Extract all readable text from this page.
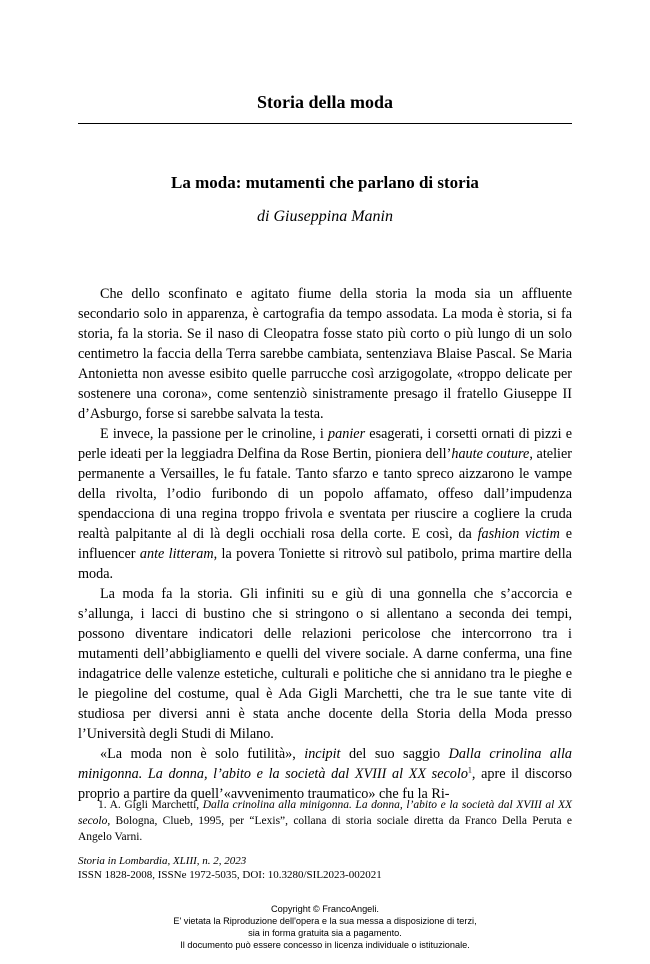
Storia della moda
La moda: mutamenti che parlano di storia
di Giuseppina Manin

Che dello sconfinato e agitato fiume della storia la moda sia un affluente secondario solo in apparenza, è cartografia da tempo assodata. La moda è storia, si fa storia, fa la storia. Se il naso di Cleopatra fosse stato più corto o più lungo di un solo centimetro la faccia della Terra sarebbe cambiata, sentenziava Blaise Pascal. Se Maria Antonietta non avesse esibito quelle parrucche così arzigogolate, «troppo delicate per sostenere una corona», come sentenziò sinistramente presago il fratello Giuseppe II d’Asburgo, forse si sarebbe salvata la testa.

E invece, la passione per le crinoline, i panier esagerati, i corsetti ornati di pizzi e perle ideati per la leggiadra Delfina da Rose Bertin, pioniera dell’haute couture, atelier permanente a Versailles, le fu fatale. Tanto sfarzo e tanto spreco aizzarono le vampe della rivolta, l’odio furibondo di un popolo affamato, offeso dall’impudenza spendacciona di una regina troppo frivola e sventata per riuscire a cogliere la cruda realtà palpitante al di là degli occhiali rosa della corte. E così, da fashion victim e influencer ante litteram, la povera Toniette si ritrovò sul patibolo, prima martire della moda.

La moda fa la storia. Gli infiniti su e giù di una gonnella che s’accorcia e s’allunga, i lacci di bustino che si stringono o si allentano a seconda dei tempi, possono diventare indicatori delle relazioni pericolose che intercorrono tra i mutamenti dell’abbigliamento e quelli del vivere sociale. A darne conferma, una fine indagatrice delle valenze estetiche, culturali e politiche che si annidano tra le pieghe e le piegoline del costume, qual è Ada Gigli Marchetti, che tra le sue tante vite di studiosa per diversi anni è stata anche docente della Storia della Moda presso l’Università degli Studi di Milano.

«La moda non è solo futilità», incipit del suo saggio Dalla crinolina alla minigonna. La donna, l’abito e la società dal XVIII al XX secolo$^1$, apre il discorso proprio a partire da quell’«avvenimento traumatico» che fu la Ri-

1. A. Gigli Marchetti, Dalla crinolina alla minigonna. La donna, l’abito e la società dal XVIII al XX secolo, Bologna, Clueb, 1995, per “Lexis”, collana di storia sociale diretta da Franco Della Peruta e Angelo Varni.
Storia in Lombardia, XLIII, n. 2, 2023
ISSN 1828-2008, ISSNe 1972-5035, DOI: 10.3280/SIL2023-002021
Copyright © FrancoAngeli.
E' vietata la Riproduzione dell'opera e la sua messa a disposizione di terzi,
sia in forma gratuita sia a pagamento.
Il documento può essere concesso in licenza individuale o istituzionale.
